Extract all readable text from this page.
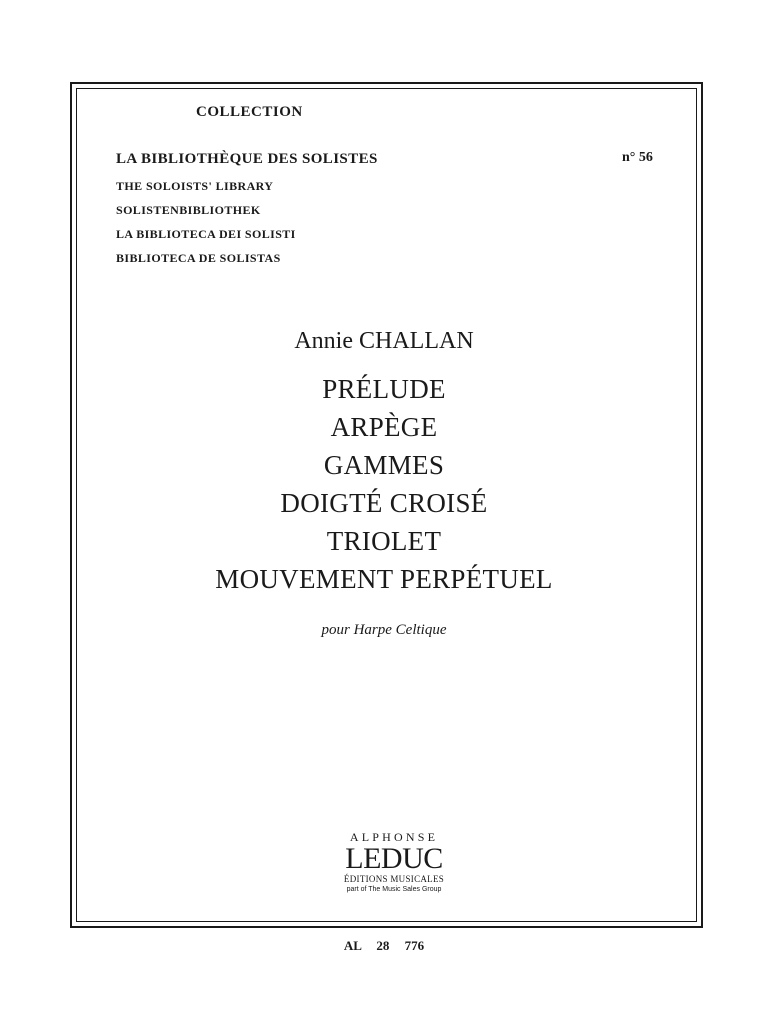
COLLECTION
LA BIBLIOTHÈQUE DES SOLISTES
THE SOLOISTS' LIBRARY
SOLISTENBIBLIOTHEK
LA BIBLIOTECA DEI SOLISTI
BIBLIOTECA DE SOLISTAS
n° 56
Annie CHALLAN
PRÉLUDE
ARPÈGE
GAMMES
DOIGTÉ CROISÉ
TRIOLET
MOUVEMENT PERPÉTUEL
pour Harpe Celtique
ALPHONSE
LEDUC
ÉDITIONS MUSICALES
part of The Music Sales Group
AL 28 776
